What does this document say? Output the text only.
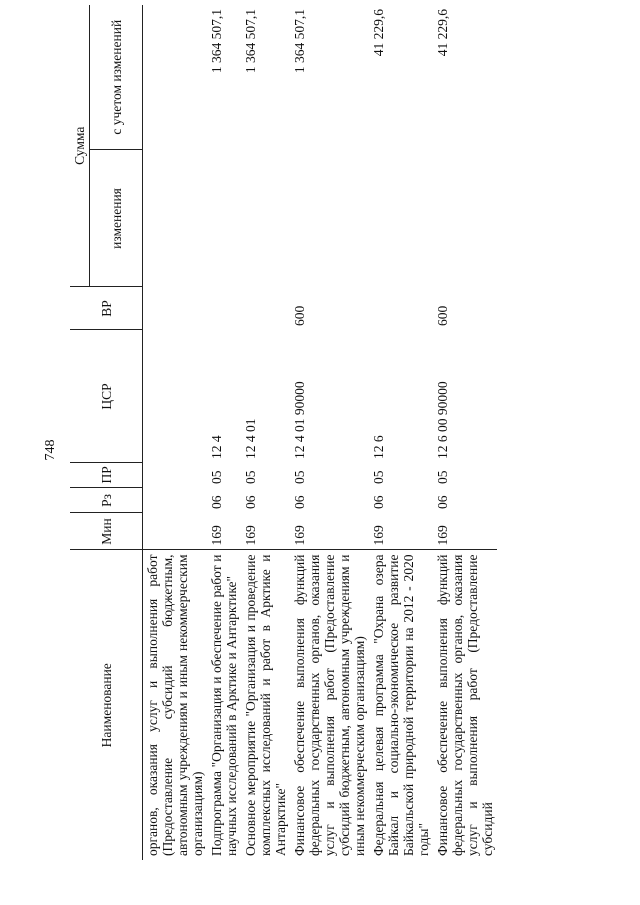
748
Наименование	Мин	Рз	ПР	ЦСР	ВР	Сумма	
						изменения	с учетом изменений
органов, оказания услуг и выполнения работ (Предоставление субсидий бюджетным, автономным учреждениям и иным некоммерческим организациям)							
Подпрограмма "Организация и обеспечение работ и научных исследований в Арктике и Антарктике"	169	06	05	12 4			1 364 507,1
Основное мероприятие "Организация и проведение комплексных исследований и работ в Арктике и Антарктике"	169	06	05	12 4 01			1 364 507,1
Финансовое обеспечение выполнения функций федеральных государственных органов, оказания услуг и выполнения работ (Предоставление субсидий бюджетным, автономным учреждениям и иным некоммерческим организациям)	169	06	05	12 4 01 90000	600		1 364 507,1
Федеральная целевая программа "Охрана озера Байкал и социально-экономическое развитие Байкальской природной территории на 2012 - 2020 годы"	169	06	05	12 6			41 229,6
Финансовое обеспечение выполнения функций федеральных государственных органов, оказания услуг и выполнения работ (Предоставление субсидий	169	06	05	12 6 00 90000	600		41 229,6
